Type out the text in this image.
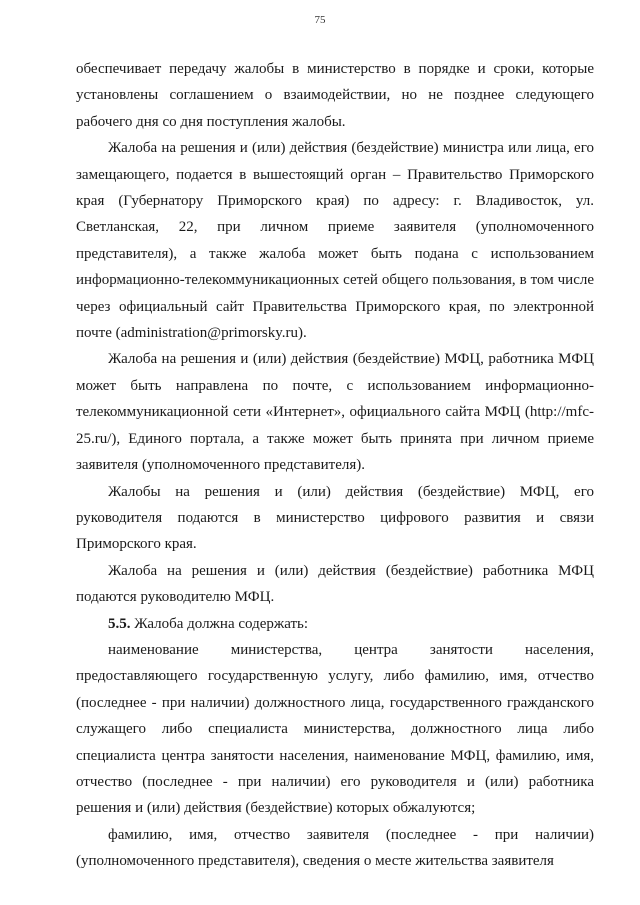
75

обеспечивает передачу жалобы в министерство в порядке и сроки, которые установлены соглашением о взаимодействии, но не позднее следующего рабочего дня со дня поступления жалобы.

Жалоба на решения и (или) действия (бездействие) министра или лица, его замещающего, подается в вышестоящий орган – Правительство Приморского края (Губернатору Приморского края) по адресу: г. Владивосток, ул. Светланская, 22, при личном приеме заявителя (уполномоченного представителя), а также жалоба может быть подана с использованием информационно-телекоммуникационных сетей общего пользования, в том числе через официальный сайт Правительства Приморского края, по электронной почте (administration@primorsky.ru).

Жалоба на решения и (или) действия (бездействие) МФЦ, работника МФЦ может быть направлена по почте, с использованием информационно-телекоммуникационной сети «Интернет», официального сайта МФЦ (http://mfc-25.ru/), Единого портала, а также может быть принята при личном приеме заявителя (уполномоченного представителя).

Жалобы на решения и (или) действия (бездействие) МФЦ, его руководителя подаются в министерство цифрового развития и связи Приморского края.

Жалоба на решения и (или) действия (бездействие) работника МФЦ подаются руководителю МФЦ.

5.5. Жалоба должна содержать:

наименование министерства, центра занятости населения, предоставляющего государственную услугу, либо фамилию, имя, отчество (последнее - при наличии) должностного лица, государственного гражданского служащего либо специалиста министерства, должностного лица либо специалиста центра занятости населения, наименование МФЦ, фамилию, имя, отчество (последнее - при наличии) его руководителя и (или) работника решения и (или) действия (бездействие) которых обжалуются;

фамилию, имя, отчество заявителя (последнее - при наличии) (уполномоченного представителя), сведения о месте жительства заявителя
